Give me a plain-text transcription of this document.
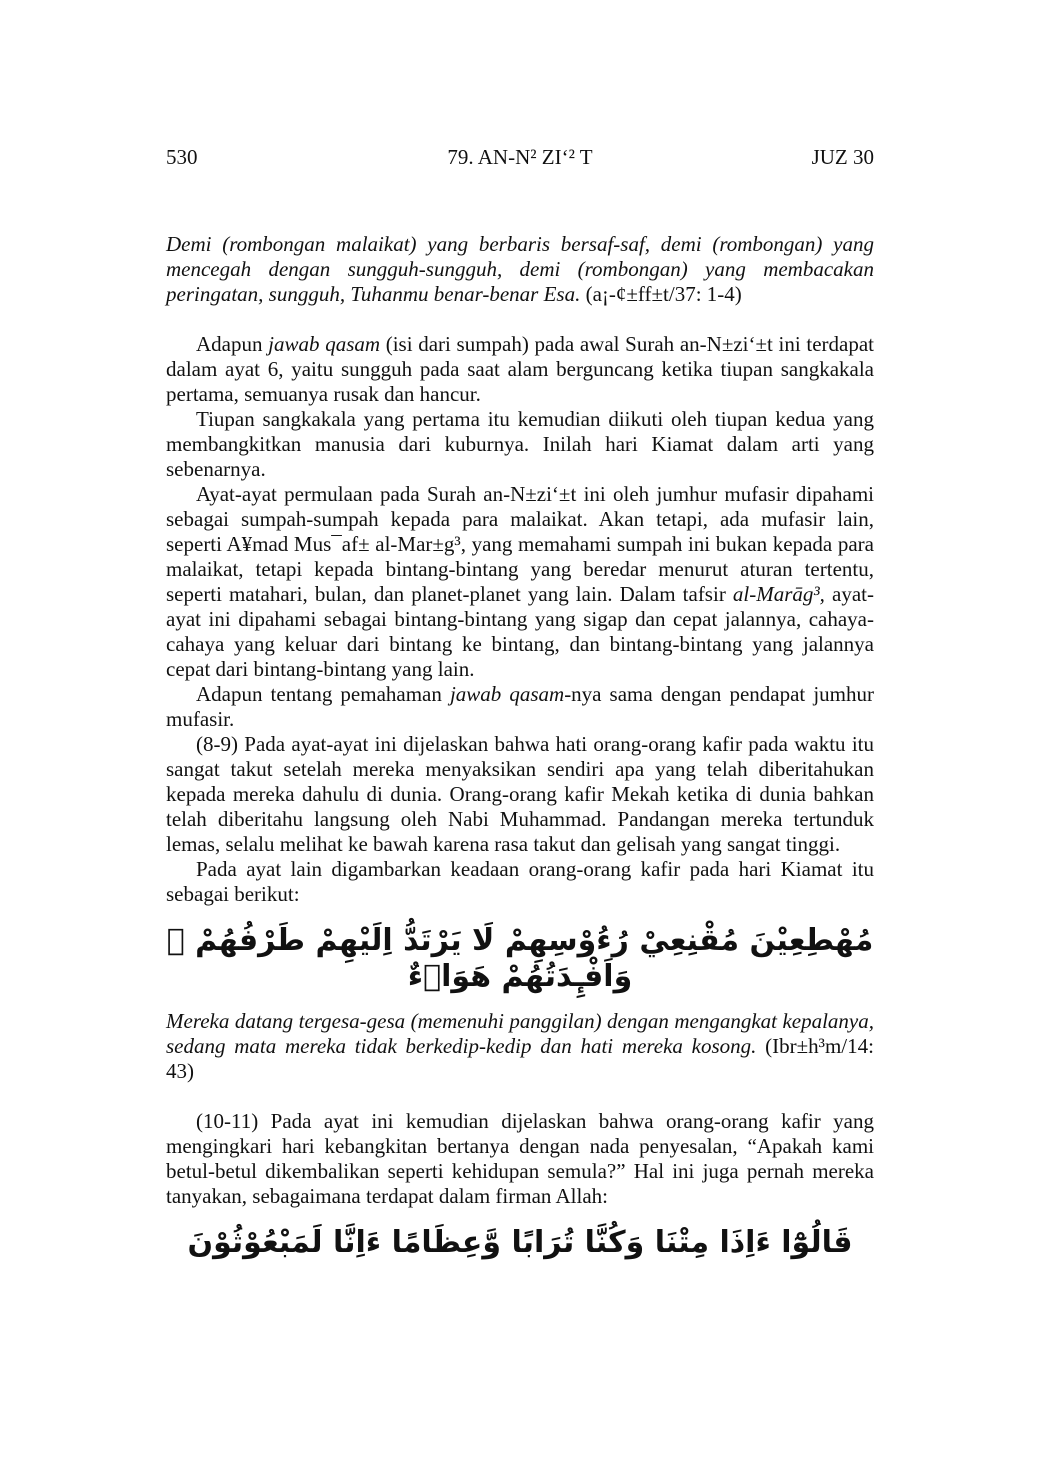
530	79. AN-N² ZI‘² T	JUZ 30

Demi (rombongan malaikat) yang berbaris bersaf-saf, demi (rombongan) yang mencegah dengan sungguh-sungguh, demi (rombongan) yang membacakan peringatan, sungguh, Tuhanmu benar-benar Esa. (a¡-¢±ff±t/37: 1-4)

Adapun jawab qasam (isi dari sumpah) pada awal Surah an-N±zi‘±t ini terdapat dalam ayat 6, yaitu sungguh pada saat alam berguncang ketika tiupan sangkakala pertama, semuanya rusak dan hancur.

Tiupan sangkakala yang pertama itu kemudian diikuti oleh tiupan kedua yang membangkitkan manusia dari kuburnya. Inilah hari Kiamat dalam arti yang sebenarnya.

Ayat-ayat permulaan pada Surah an-N±zi‘±t ini oleh jumhur mufasir dipahami sebagai sumpah-sumpah kepada para malaikat. Akan tetapi, ada mufasir lain, seperti A¥mad Mus¯af± al-Mar±g³, yang memahami sumpah ini bukan kepada para malaikat, tetapi kepada bintang-bintang yang beredar menurut aturan tertentu, seperti matahari, bulan, dan planet-planet yang lain. Dalam tafsir al-Marāg³, ayat-ayat ini dipahami sebagai bintang-bintang yang sigap dan cepat jalannya, cahaya-cahaya yang keluar dari bintang ke bintang, dan bintang-bintang yang jalannya cepat dari bintang-bintang yang lain.

Adapun tentang pemahaman jawab qasam-nya sama dengan pendapat jumhur mufasir.

(8-9) Pada ayat-ayat ini dijelaskan bahwa hati orang-orang kafir pada waktu itu sangat takut setelah mereka menyaksikan sendiri apa yang telah diberitahukan kepada mereka dahulu di dunia. Orang-orang kafir Mekah ketika di dunia bahkan telah diberitahu langsung oleh Nabi Muhammad. Pandangan mereka tertunduk lemas, selalu melihat ke bawah karena rasa takut dan gelisah yang sangat tinggi.

Pada ayat lain digambarkan keadaan orang-orang kafir pada hari Kiamat itu sebagai berikut:

مُهْطِعِيْنَ مُقْنِعِيْ رُءُوْسِهِمْ لَا يَرْتَدُّ اِلَيْهِمْ طَرْفُهُمْ ۚ وَاَفْـِٕدَتُهُمْ هَوَاۤءٌ

Mereka datang tergesa-gesa (memenuhi panggilan) dengan mengangkat kepalanya, sedang mata mereka tidak berkedip-kedip dan hati mereka kosong. (Ibr±h³m/14: 43)

(10-11) Pada ayat ini kemudian dijelaskan bahwa orang-orang kafir yang mengingkari hari kebangkitan bertanya dengan nada penyesalan, “Apakah kami betul-betul dikembalikan seperti kehidupan semula?” Hal ini juga pernah mereka tanyakan, sebagaimana terdapat dalam firman Allah:

قَالُوْٓا ءَاِذَا مِتْنَا وَكُنَّا تُرَابًا وَّعِظَامًا ءَاِنَّا لَمَبْعُوْثُوْنَ
